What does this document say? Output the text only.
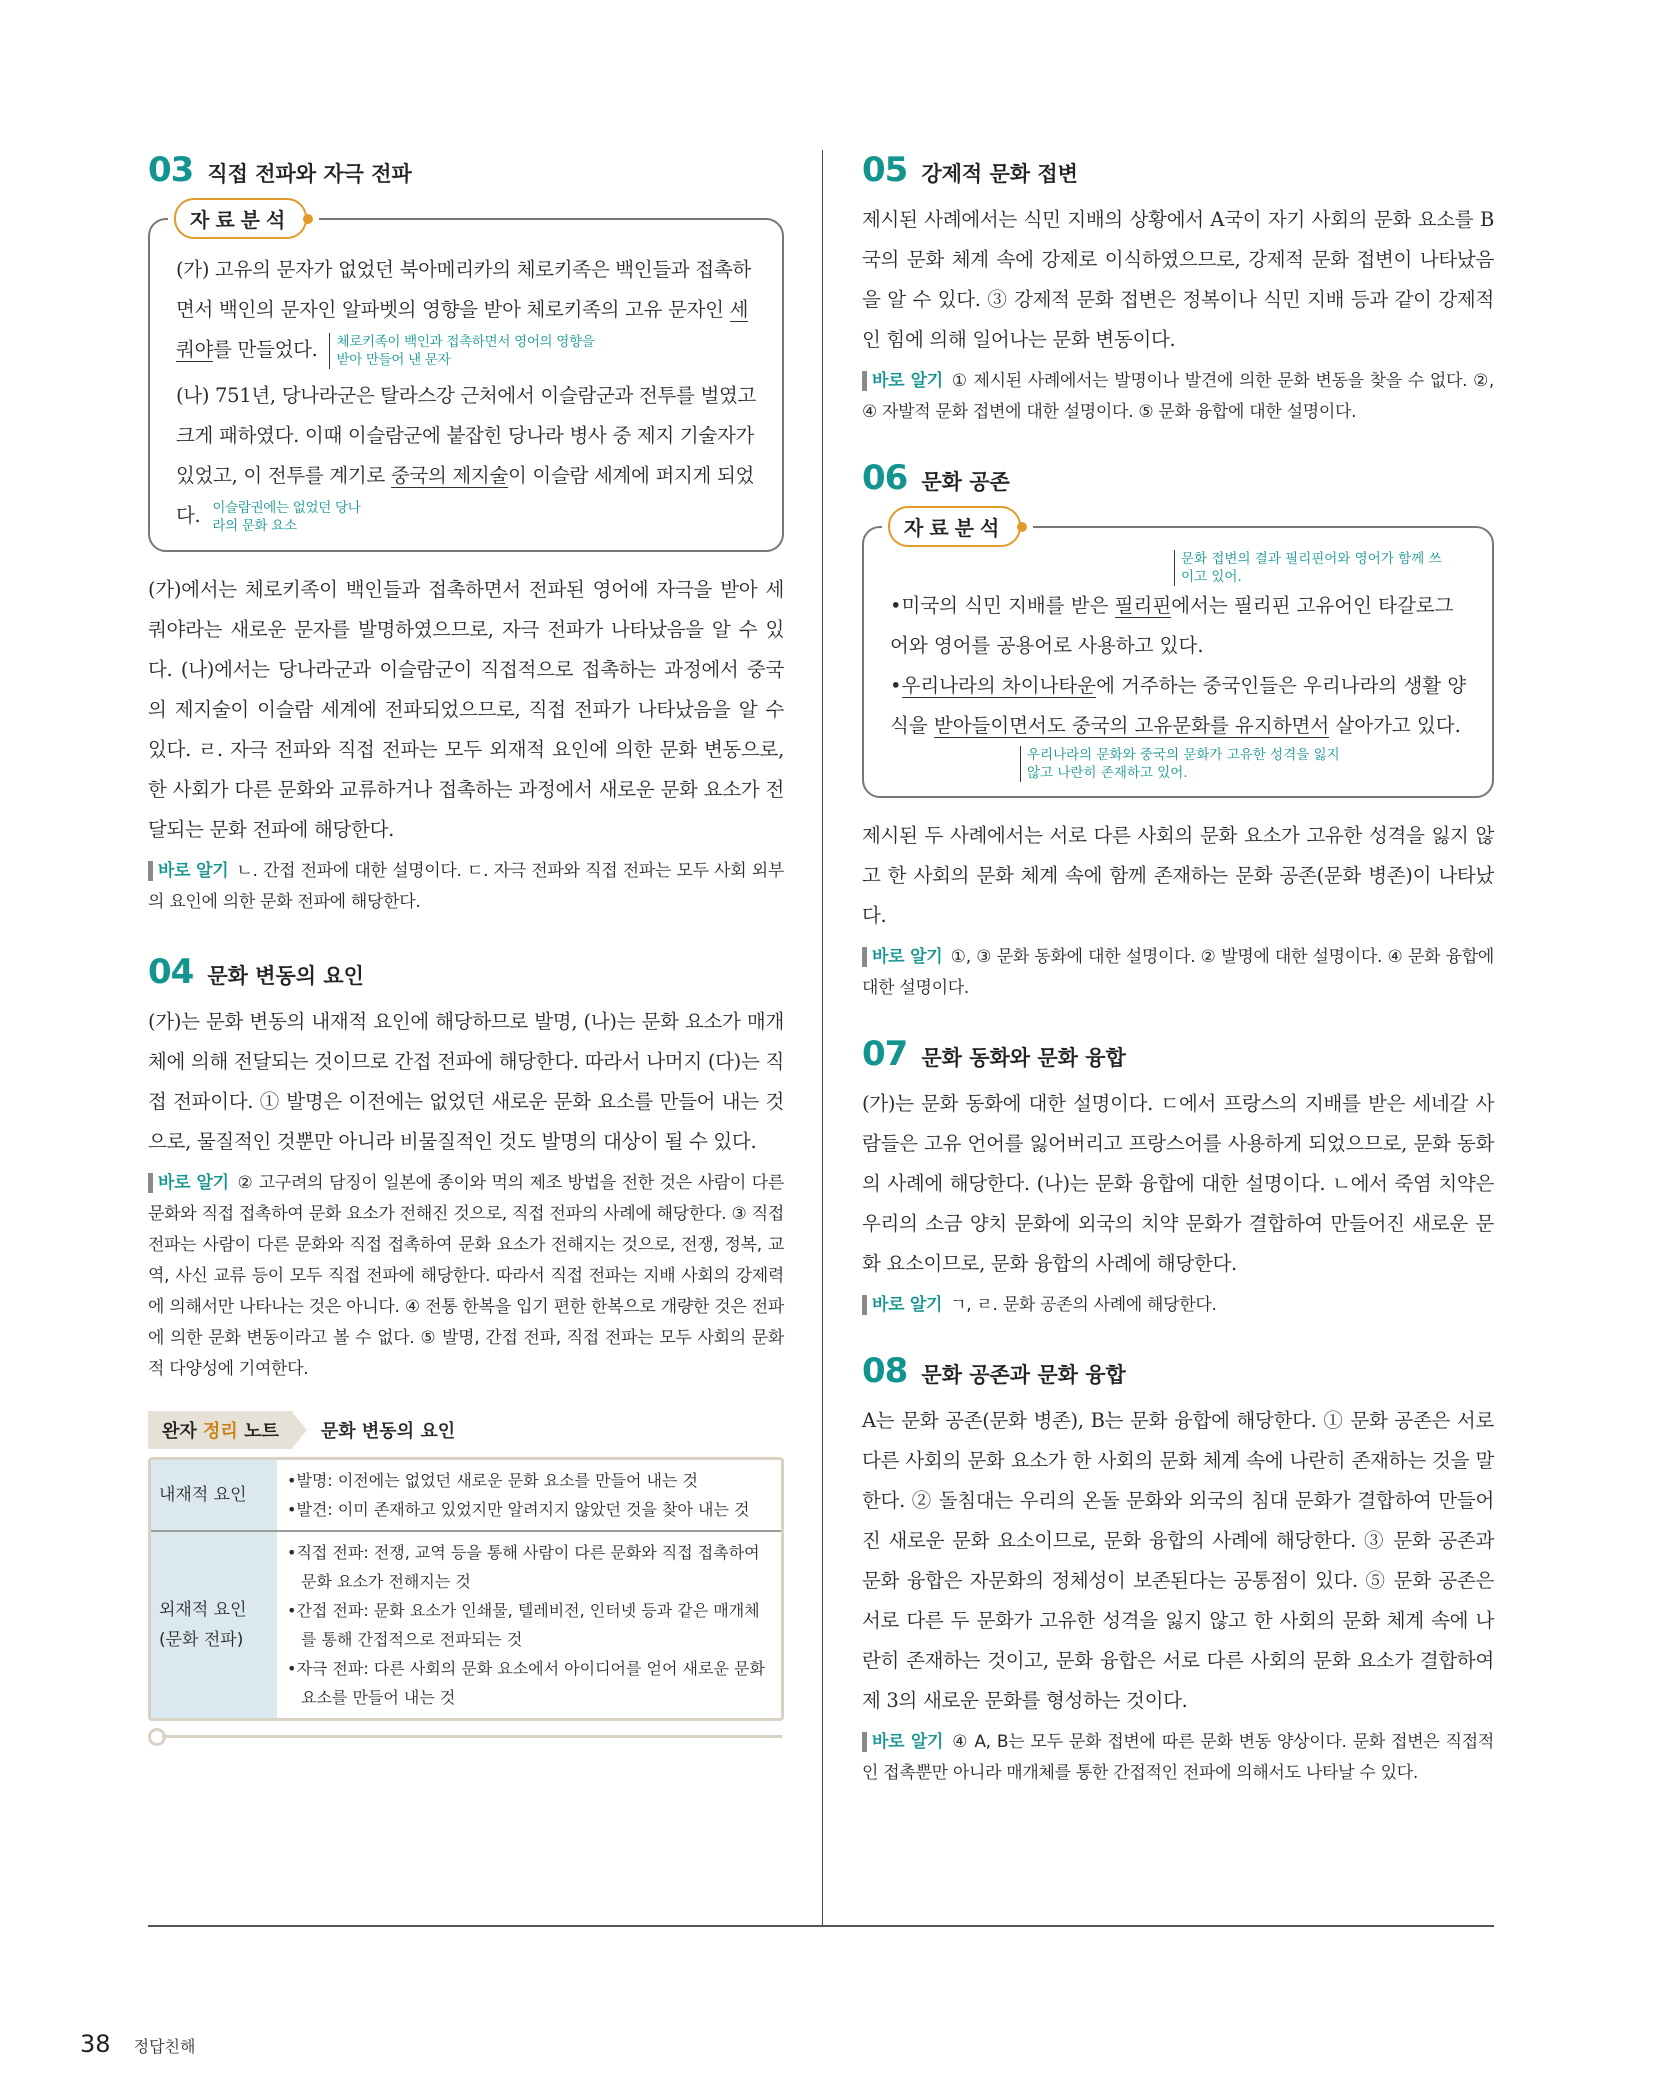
03 직접 전파와 자극 전파
자료분석

(가) 고유의 문자가 없었던 북아메리카의 체로키족은 백인들과 접촉하면서 백인의 문자인 알파벳의 영향을 받아 체로키족의 고유 문자인 세쿼야를 만들었다. 체로키족이 백인과 접촉하면서 영어의 영향을 받아 만들어 낸 문자

(나) 751년, 당나라군은 탈라스강 근처에서 이슬람군과 전투를 벌였고 크게 패하였다. 이때 이슬람군에 붙잡힌 당나라 병사 중 제지 기술자가 있었고, 이 전투를 계기로 중국의 제지술이 이슬람 세계에 퍼지게 되었다. 이슬람권에는 없었던 당나라의 문화 요소

(가)에서는 체로키족이 백인들과 접촉하면서 전파된 영어에 자극을 받아 세쿼야라는 새로운 문자를 발명하였으므로, 자극 전파가 나타났음을 알 수 있다. (나)에서는 당나라군과 이슬람군이 직접적으로 접촉하는 과정에서 중국의 제지술이 이슬람 세계에 전파되었으므로, 직접 전파가 나타났음을 알 수 있다. ㄹ. 자극 전파와 직접 전파는 모두 외재적 요인에 의한 문화 변동으로, 한 사회가 다른 문화와 교류하거나 접촉하는 과정에서 새로운 문화 요소가 전달되는 문화 전파에 해당한다.

바로 알기 ㄴ. 간접 전파에 대한 설명이다. ㄷ. 자극 전파와 직접 전파는 모두 사회 외부의 요인에 의한 문화 전파에 해당한다.

04 문화 변동의 요인

(가)는 문화 변동의 내재적 요인에 해당하므로 발명, (나)는 문화 요소가 매개체에 의해 전달되는 것이므로 간접 전파에 해당한다. 따라서 나머지 (다)는 직접 전파이다. ① 발명은 이전에는 없었던 새로운 문화 요소를 만들어 내는 것으로, 물질적인 것뿐만 아니라 비물질적인 것도 발명의 대상이 될 수 있다.

바로 알기 ② 고구려의 담징이 일본에 종이와 먹의 제조 방법을 전한 것은 사람이 다른 문화와 직접 접촉하여 문화 요소가 전해진 것으로, 직접 전파의 사례에 해당한다. ③ 직접 전파는 사람이 다른 문화와 직접 접촉하여 문화 요소가 전해지는 것으로, 전쟁, 정복, 교역, 사신 교류 등이 모두 직접 전파에 해당한다. 따라서 직접 전파는 지배 사회의 강제력에 의해서만 나타나는 것은 아니다. ④ 전통 한복을 입기 편한 한복으로 개량한 것은 전파에 의한 문화 변동이라고 볼 수 없다. ⑤ 발명, 간접 전파, 직접 전파는 모두 사회의 문화적 다양성에 기여한다.

완자 정리 노트	문화 변동의 요인
내재적 요인
•발명: 이전에는 없었던 새로운 문화 요소를 만들어 내는 것
•발견: 이미 존재하고 있었지만 알려지지 않았던 것을 찾아 내는 것
외재적 요인 (문화 전파)
•직접 전파: 전쟁, 교역 등을 통해 사람이 다른 문화와 직접 접촉하여 문화 요소가 전해지는 것
•간접 전파: 문화 요소가 인쇄물, 텔레비전, 인터넷 등과 같은 매개체를 통해 간접적으로 전파되는 것
•자극 전파: 다른 사회의 문화 요소에서 아이디어를 얻어 새로운 문화 요소를 만들어 내는 것
05 강제적 문화 접변

제시된 사례에서는 식민 지배의 상황에서 A국이 자기 사회의 문화 요소를 B국의 문화 체계 속에 강제로 이식하였으므로, 강제적 문화 접변이 나타났음을 알 수 있다. ③ 강제적 문화 접변은 정복이나 식민 지배 등과 같이 강제적인 힘에 의해 일어나는 문화 변동이다.

바로 알기 ① 제시된 사례에서는 발명이나 발견에 의한 문화 변동을 찾을 수 없다. ②, ④ 자발적 문화 접변에 대한 설명이다. ⑤ 문화 융합에 대한 설명이다.

06 문화 공존
자료분석
문화 접변의 결과 필리핀어와 영어가 함께 쓰이고 있어.

•미국의 식민 지배를 받은 필리핀에서는 필리핀 고유어인 타갈로그어와 영어를 공용어로 사용하고 있다.

•우리나라의 차이나타운에 거주하는 중국인들은 우리나라의 생활 양식을 받아들이면서도 중국의 고유문화를 유지하면서 살아가고 있다.

우리나라의 문화와 중국의 문화가 고유한 성격을 잃지 않고 나란히 존재하고 있어.

제시된 두 사례에서는 서로 다른 사회의 문화 요소가 고유한 성격을 잃지 않고 한 사회의 문화 체계 속에 함께 존재하는 문화 공존(문화 병존)이 나타났다.

바로 알기 ①, ③ 문화 동화에 대한 설명이다. ② 발명에 대한 설명이다. ④ 문화 융합에 대한 설명이다.

07 문화 동화와 문화 융합

(가)는 문화 동화에 대한 설명이다. ㄷ에서 프랑스의 지배를 받은 세네갈 사람들은 고유 언어를 잃어버리고 프랑스어를 사용하게 되었으므로, 문화 동화의 사례에 해당한다. (나)는 문화 융합에 대한 설명이다. ㄴ에서 죽염 치약은 우리의 소금 양치 문화에 외국의 치약 문화가 결합하여 만들어진 새로운 문화 요소이므로, 문화 융합의 사례에 해당한다.

바로 알기 ㄱ, ㄹ. 문화 공존의 사례에 해당한다.

08 문화 공존과 문화 융합

A는 문화 공존(문화 병존), B는 문화 융합에 해당한다. ① 문화 공존은 서로 다른 사회의 문화 요소가 한 사회의 문화 체계 속에 나란히 존재하는 것을 말한다. ② 돌침대는 우리의 온돌 문화와 외국의 침대 문화가 결합하여 만들어진 새로운 문화 요소이므로, 문화 융합의 사례에 해당한다. ③ 문화 공존과 문화 융합은 자문화의 정체성이 보존된다는 공통점이 있다. ⑤ 문화 공존은 서로 다른 두 문화가 고유한 성격을 잃지 않고 한 사회의 문화 체계 속에 나란히 존재하는 것이고, 문화 융합은 서로 다른 사회의 문화 요소가 결합하여 제 3의 새로운 문화를 형성하는 것이다.

바로 알기 ④ A, B는 모두 문화 접변에 따른 문화 변동 양상이다. 문화 접변은 직접적인 접촉뿐만 아니라 매개체를 통한 간접적인 전파에 의해서도 나타날 수 있다.

38 정답친해
